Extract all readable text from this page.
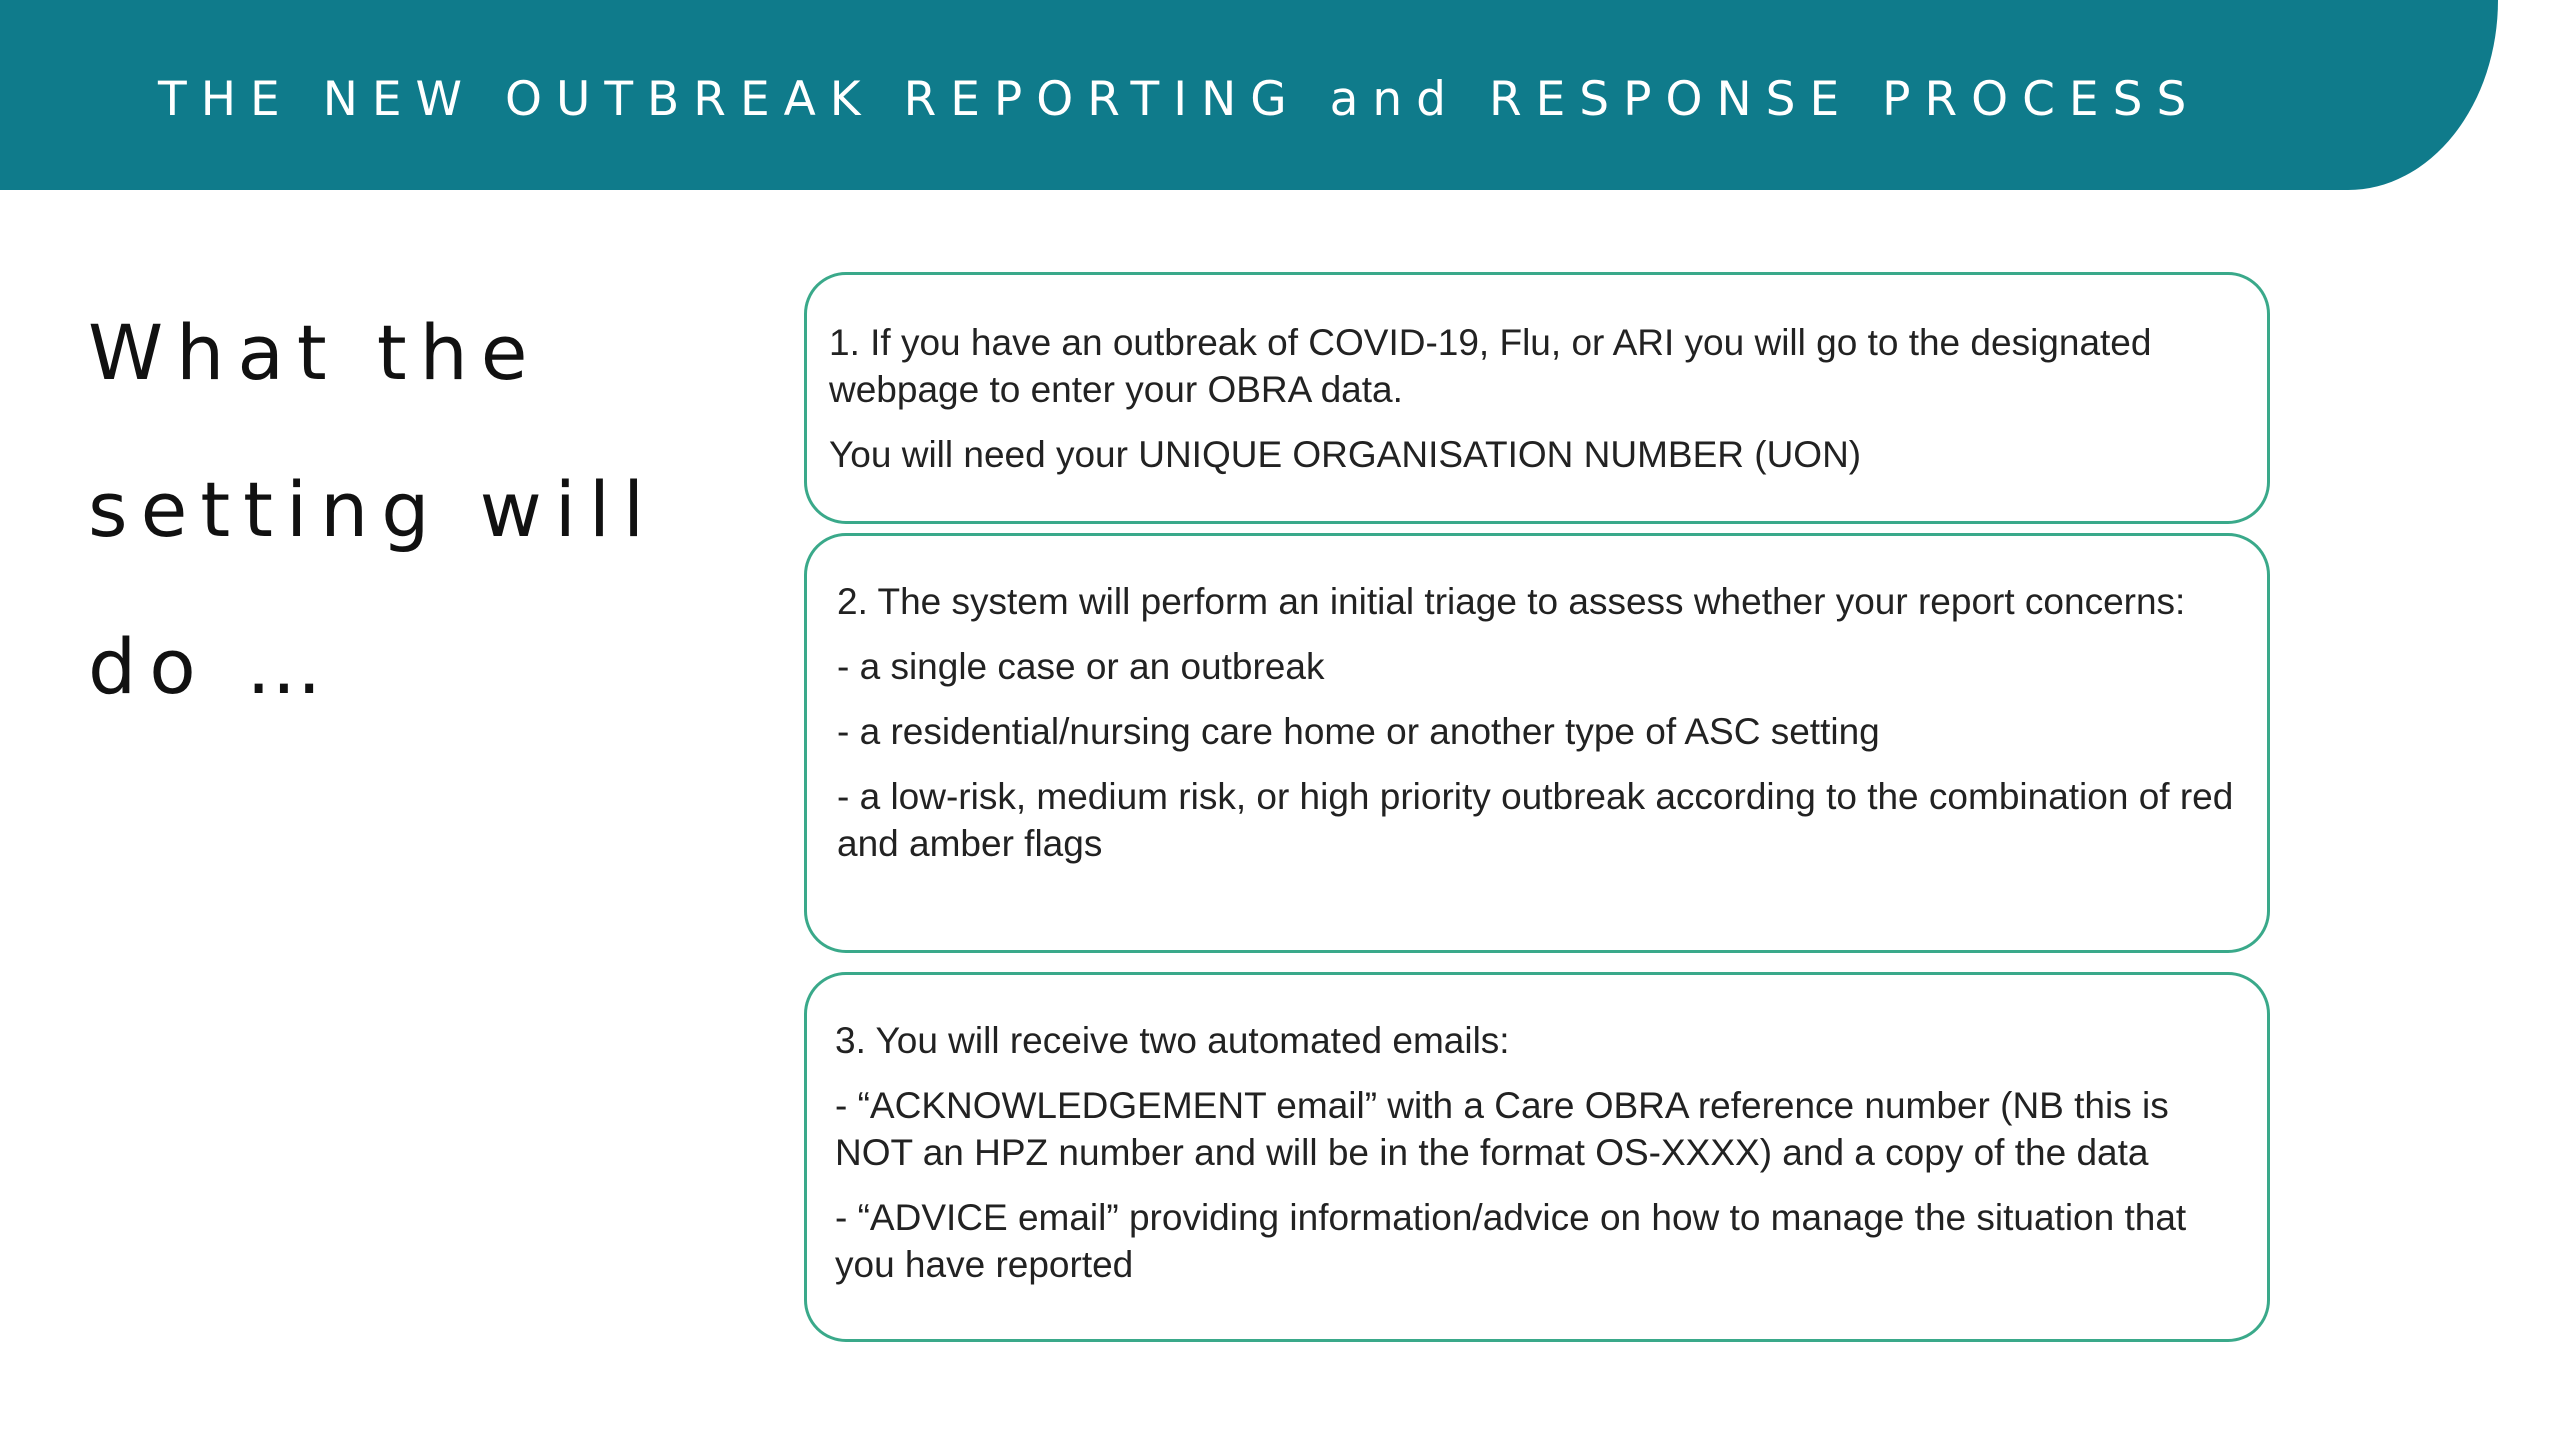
THE NEW OUTBREAK REPORTING and RESPONSE PROCESS
What the
setting will
do …

1. If you have an outbreak of COVID-19, Flu, or ARI you will go to the designated webpage to enter your OBRA data.

You will need your UNIQUE ORGANISATION NUMBER (UON)

2. The system will perform an initial triage to assess whether your report concerns:

- a single case or an outbreak

- a residential/nursing care home or another type of ASC setting

- a low-risk, medium risk, or high priority outbreak according to the combination of red and amber flags

3. You will receive two automated emails:

- “ACKNOWLEDGEMENT email” with a Care OBRA reference number (NB this is NOT an HPZ number and will be in the format OS-XXXX) and a copy of the data

- “ADVICE email” providing information/advice on how to manage the situation that you have reported
